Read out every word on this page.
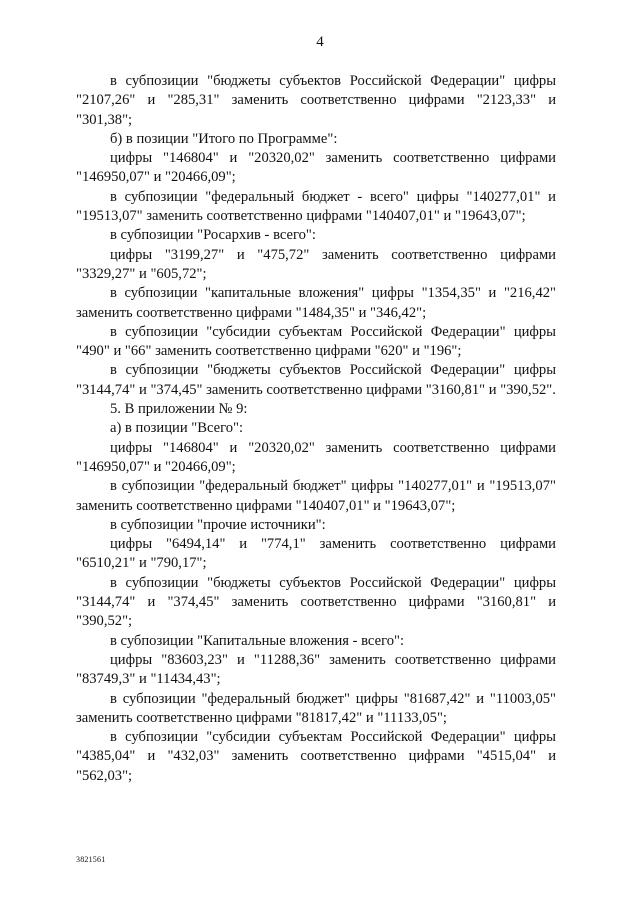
4

в субпозиции "бюджеты субъектов Российской Федерации" цифры "2107,26" и "285,31" заменить соответственно цифрами "2123,33" и "301,38";

б) в позиции "Итого по Программе":

цифры "146804" и "20320,02" заменить соответственно цифрами "146950,07" и "20466,09";

в субпозиции "федеральный бюджет - всего" цифры "140277,01" и "19513,07" заменить соответственно цифрами "140407,01" и "19643,07";

в субпозиции "Росархив - всего":

цифры "3199,27" и "475,72" заменить соответственно цифрами "3329,27" и "605,72";

в субпозиции "капитальные вложения" цифры "1354,35" и "216,42" заменить соответственно цифрами "1484,35" и "346,42";

в субпозиции "субсидии субъектам Российской Федерации" цифры "490" и "66" заменить соответственно цифрами "620" и "196";

в субпозиции "бюджеты субъектов Российской Федерации" цифры "3144,74" и "374,45" заменить соответственно цифрами "3160,81" и "390,52".

5. В приложении № 9:

а) в позиции "Всего":

цифры "146804" и "20320,02" заменить соответственно цифрами "146950,07" и "20466,09";

в субпозиции "федеральный бюджет" цифры "140277,01" и "19513,07" заменить соответственно цифрами "140407,01" и "19643,07";

в субпозиции "прочие источники":

цифры "6494,14" и "774,1" заменить соответственно цифрами "6510,21" и "790,17";

в субпозиции "бюджеты субъектов Российской Федерации" цифры "3144,74" и "374,45" заменить соответственно цифрами "3160,81" и "390,52";

в субпозиции "Капитальные вложения - всего":

цифры "83603,23" и "11288,36" заменить соответственно цифрами "83749,3" и "11434,43";

в субпозиции "федеральный бюджет" цифры "81687,42" и "11003,05" заменить соответственно цифрами "81817,42" и "11133,05";

в субпозиции "субсидии субъектам Российской Федерации" цифры "4385,04" и "432,03" заменить соответственно цифрами "4515,04" и "562,03";

3821561
